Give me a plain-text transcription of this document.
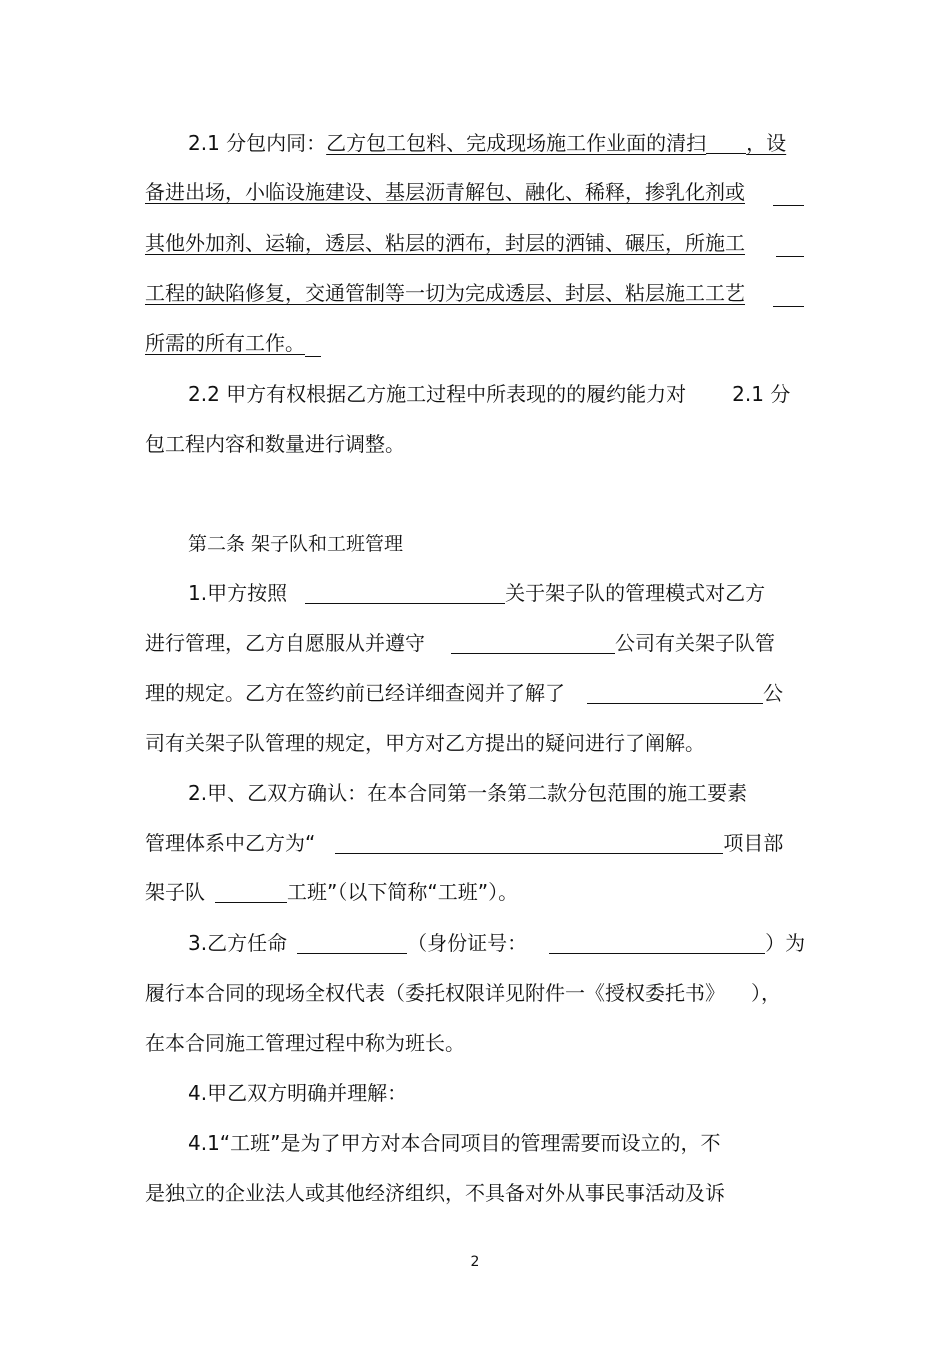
2.1 分包内同：乙方包工包料、完成现场施工作业面的清扫 ，设
备进出场，小临设施建设、基层沥青解包、融化、稀释，掺乳化剂或
其他外加剂、运输，透层、粘层的洒布，封层的洒铺、碾压，所施工
工程的缺陷修复，交通管制等一切为完成透层、封层、粘层施工工艺
所需的所有工作。
2.2 甲方有权根据乙方施工过程中所表现的的履约能力对 2.1 分
包工程内容和数量进行调整。
第二条 架子队和工班管理
1.甲方按照	关于架子队的管理模式对乙方
进行管理，乙方自愿服从并遵守	公司有关架子队管
理的规定。乙方在签约前已经详细查阅并了解了	公
司有关架子队管理的规定，甲方对乙方提出的疑问进行了阐解。
2.甲、乙双方确认：在本合同第一条第二款分包范围的施工要素
管理体系中乙方为“	项目部
架子队	工班”（以下简称“工班”）。
3.乙方任命	（身份证号：	）为
履行本合同的现场全权代表（委托权限详见附件一《授权委托书》 ），
在本合同施工管理过程中称为班长。
4.甲乙双方明确并理解：
4.1“工班”是为了甲方对本合同项目的管理需要而设立的，不
是独立的企业法人或其他经济组织，不具备对外从事民事活动及诉
2
